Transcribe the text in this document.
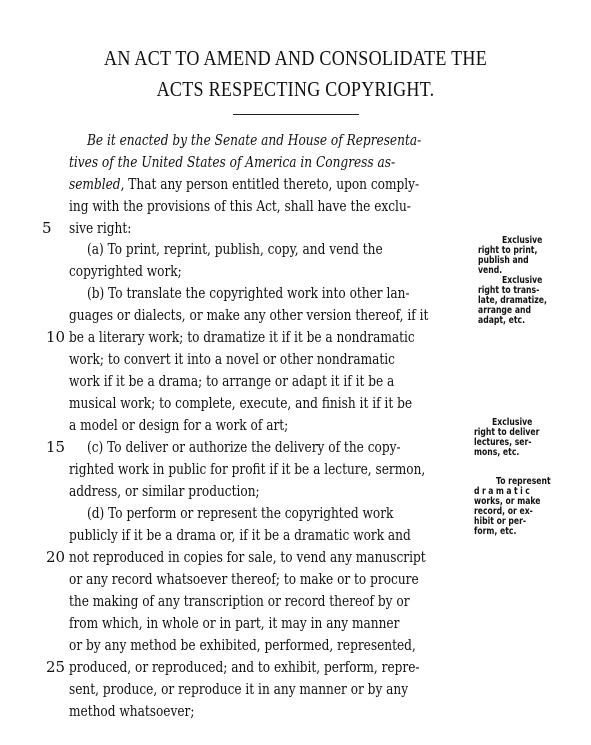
AN ACT TO AMEND AND CONSOLIDATE THE
ACTS RESPECTING COPYRIGHT.
Be it enacted by the Senate and House of Representa-
tives of the United States of America in Congress as-
sembled, That any person entitled thereto, upon comply-
ing with the provisions of this Act, shall have the exclu-
sive right:
(a) To print, reprint, publish, copy, and vend the
copyrighted work;
(b) To translate the copyrighted work into other lan-
guages or dialects, or make any other version thereof, if it
be a literary work; to dramatize it if it be a nondramatic
work; to convert it into a novel or other nondramatic
work if it be a drama; to arrange or adapt it if it be a
musical work; to complete, execute, and finish it if it be
a model or design for a work of art;
(c) To deliver or authorize the delivery of the copy-
righted work in public for profit if it be a lecture, sermon,
address, or similar production;
(d) To perform or represent the copyrighted work
publicly if it be a drama or, if it be a dramatic work and
not reproduced in copies for sale, to vend any manuscript
or any record whatsoever thereof; to make or to procure
the making of any transcription or record thereof by or
from which, in whole or in part, it may in any manner
or by any method be exhibited, performed, represented,
produced, or reproduced; and to exhibit, perform, repre-
sent, produce, or reproduce it in any manner or by any
method whatsoever;
5
10
15
20
25
Exclusive
right to print,
publish and
vend.
Exclusive
right to trans-
late, dramatize,
arrange and
adapt, etc.
Exclusive
right to deliver
lectures, ser-
mons, etc.
To represent
dramatic
works, or make
record, or ex-
hibit or per-
form, etc.
